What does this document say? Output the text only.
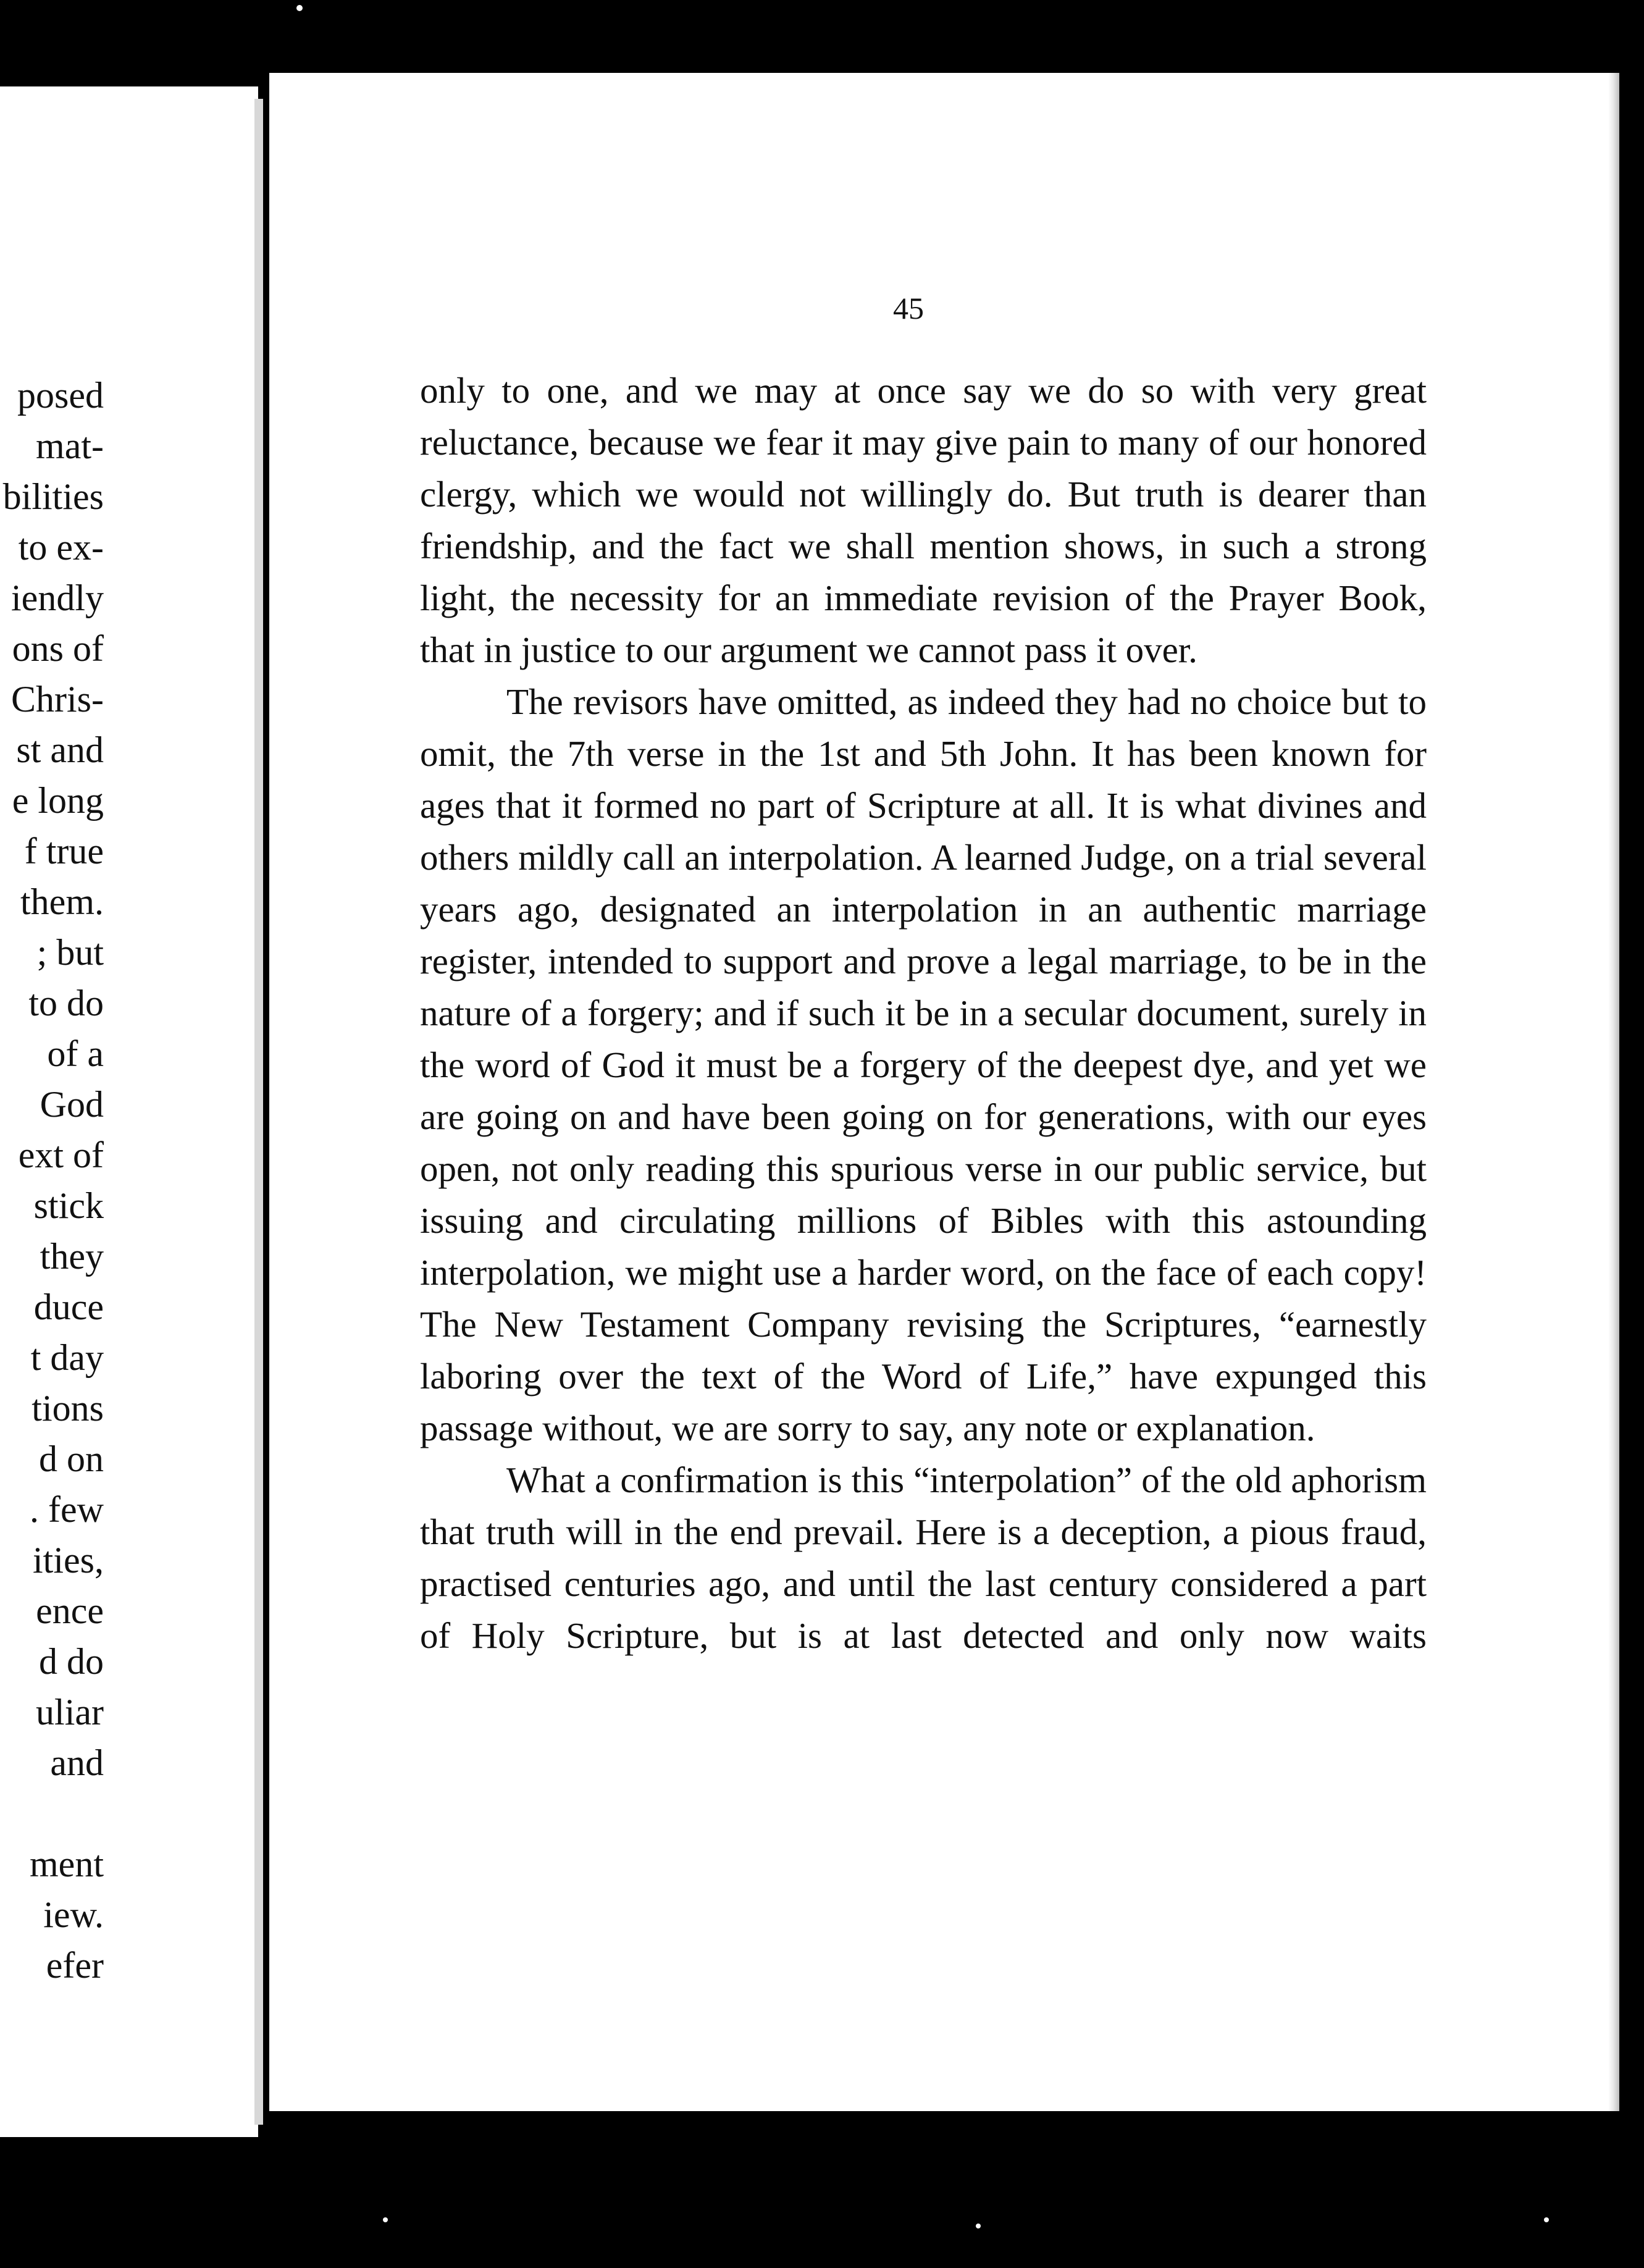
posed
mat-
bilities
to ex-
iendly
ons of
Chris-
st and
e long
f true
them.
; but
to do
of a
God
ext of
stick
they
duce
t day
tions
d on
. few
ities,
ence
d do
uliar
and
ment
iew.
efer
45

only to one, and we may at once say we do so with very great reluctance, because we fear it may give pain to many of our honored clergy, which we would not willingly do. But truth is dearer than friendship, and the fact we shall mention shows, in such a strong light, the necessity for an immediate revision of the Prayer Book, that in justice to our argument we cannot pass it over.

The revisors have omitted, as indeed they had no choice but to omit, the 7th verse in the 1st and 5th John. It has been known for ages that it formed no part of Scripture at all. It is what divines and others mildly call an interpolation. A learned Judge, on a trial several years ago, designated an interpolation in an authentic marriage register, intended to support and prove a legal marriage, to be in the nature of a forgery; and if such it be in a secular document, surely in the word of God it must be a forgery of the deepest dye, and yet we are going on and have been going on for generations, with our eyes open, not only reading this spurious verse in our public service, but issuing and circulating millions of Bibles with this astounding interpolation, we might use a harder word, on the face of each copy! The New Testament Company revising the Scriptures, “earnestly laboring over the text of the Word of Life,” have expunged this passage without, we are sorry to say, any note or explanation.

What a confirmation is this “interpolation” of the old aphorism that truth will in the end prevail. Here is a deception, a pious fraud, practised centuries ago, and until the last century considered a part of Holy Scripture, but is at last detected and only now waits
